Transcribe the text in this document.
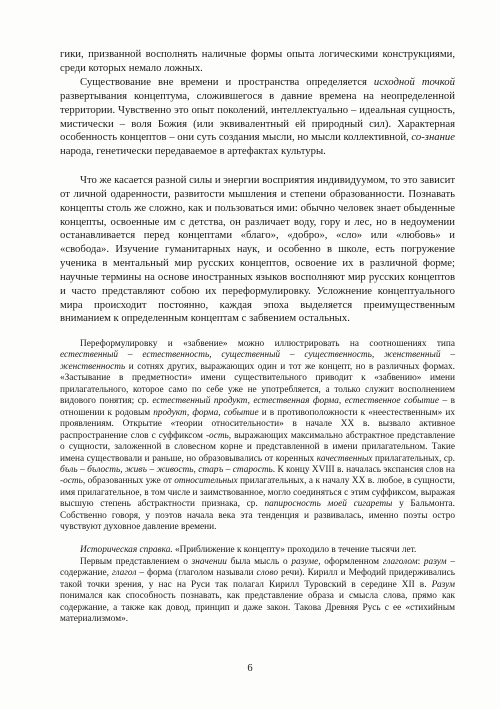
гики, призванной восполнять наличные формы опыта логическими конструкциями, среди которых немало ложных.

Существование вне времени и пространства определяется исходной точкой развертывания концептума, сложившегося в давние времена на неопределенной территории. Чувственно это опыт поколений, интеллектуально – идеальная сущность, мистически – воля Божия (или эквивалентный ей природный сил). Характерная особенность концептов – они суть создания мысли, но мысли коллективной, со-знание народа, генетически передаваемое в артефактах культуры.

Что же касается разной силы и энергии восприятия индивидуумом, то это зависит от личной одаренности, развитости мышления и степени образованности. Познавать концепты столь же сложно, как и пользоваться ими: обычно человек знает обыденные концепты, освоенные им с детства, он различает воду, гору и лес, но в недоумении останавливается перед концептами «благо», «добро», «сло» или «любовь» и «свобода». Изучение гуманитарных наук, и особенно в школе, есть погружение ученика в ментальный мир русских концептов, освоение их в различной форме; научные термины на основе иностранных языков восполняют мир русских концептов и часто представляют собою их переформулировку. Усложнение концептуального мира происходит постоянно, каждая эпоха выделяется преимущественным вниманием к определенным концептам с забвением остальных.

Переформулировку и «забвение» можно иллюстрировать на соотношениях типа естественный – естественность, существенный – существенность, женственный – женственность и сотнях других, выражающих один и тот же концепт, но в различных формах. «Застывание в предметности» имени существительного приводит к «забвению» имени прилагательного, которое само по себе уже не употребляется, а только служит восполнением видового понятия; ср. естественный продукт, естественная форма, естественное событие – в отношении к родовым продукт, форма, событие и в противоположности к «неестественным» их проявлениям. Открытие «теории относительности» в начале XX в. вызвало активное распространение слов с суффиксом -ость, выражающих максимально абстрактное представление о сущности, заложенной в словесном корне и представленной в имени прилагательном. Такие имена существовали и раньше, но образовывались от коренных качественных прилагательных, ср. бъль – бълость, живъ – живость, старъ – старость. К концу XVIII в. началась экспансия слов на -ость, образованных уже от относительных прилагательных, а к началу XX в. любое, в сущности, имя прилагательное, в том числе и заимствованное, могло соединяться с этим суффиксом, выражая высшую степень абстрактности признака, ср. папиросность моей сигареты у Бальмонта. Собственно говоря, у поэтов начала века эта тенденция и развивалась, именно поэты острo чувствуют духовное давление времени.

Историческая справка. «Приближение к концепту» проходило в течение тысячи лет.

Первым представлением о значении была мысль о разуме, оформленном глаголом: разум – содержание, глагол – форма (глаголом называли слово речи). Кирилл и Мефодий придерживались такой точки зрения, у нас на Руси так полагал Кирилл Туровский в середине XII в. Разум понимался как способность познавать, как представление образа и смысла слова, прямо как содержание, а также как довод, принцип и даже закон. Такова Древняя Русь с ее «стихийным материализмом».

6
